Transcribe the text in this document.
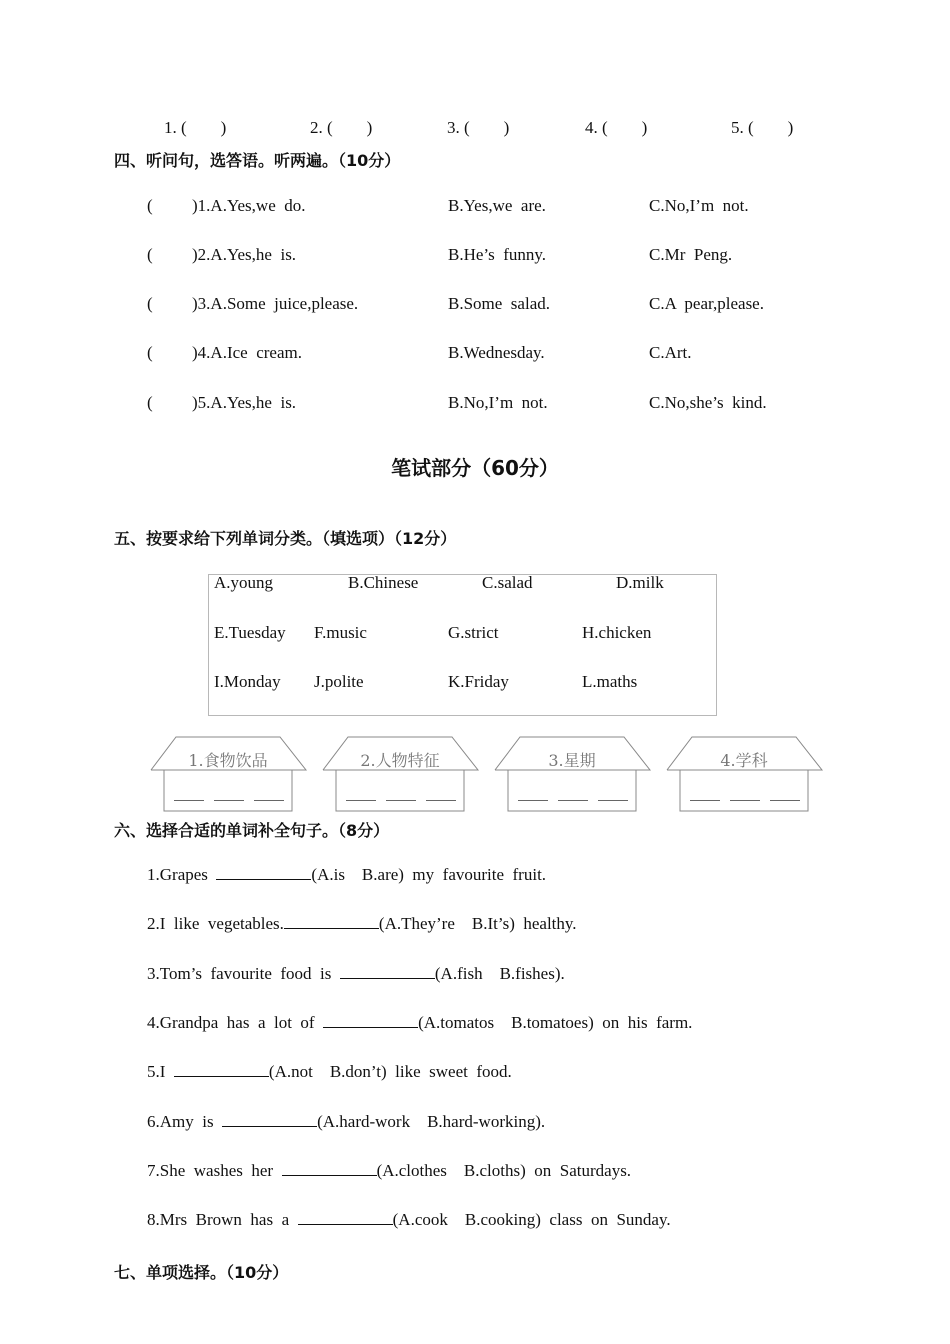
1. (        )	2. (        )	3. (        )	4. (        )	5. (        )
四、听问句，选答语。听两遍。（10分）
( )1.A.Yes,we  do.	B.Yes,we  are.	C.No,I’m  not.
( )2.A.Yes,he  is.	B.He’s  funny.	C.Mr  Peng.
( )3.A.Some  juice,please.	B.Some  salad.	C.A  pear,please.
( )4.A.Ice  cream.	B.Wednesday.	C.Art.
( )5.A.Yes,he  is.	B.No,I’m  not.	C.No,she’s  kind.
笔试部分（60分）
五、按要求给下列单词分类。（填选项）（12分）
A.young	B.Chinese	C.salad	D.milk
E.Tuesday F.music	G.strict	H.chicken
I.Monday J.polite	K.Friday	L.maths
1.食物饮品	2.人物特征	3.星期	4.学科
六、选择合适的单词补全句子。（8分）
1.Grapes	(A.is    B.are)  my  favourite  fruit.
2.I  like  vegetables.	(A.They’re    B.It’s)  healthy.
3.Tom’s  favourite  food  is	(A.fish    B.fishes).
4.Grandpa  has  a  lot  of	(A.tomatos    B.tomatoes)  on  his  farm.
5.I	(A.not    B.don’t)  like  sweet  food.
6.Amy  is	(A.hard-work    B.hard-working).
7.She  washes  her	(A.clothes    B.cloths)  on  Saturdays.
8.Mrs  Brown  has  a	(A.cook    B.cooking)  class  on  Sunday.
七、单项选择。（10分）
